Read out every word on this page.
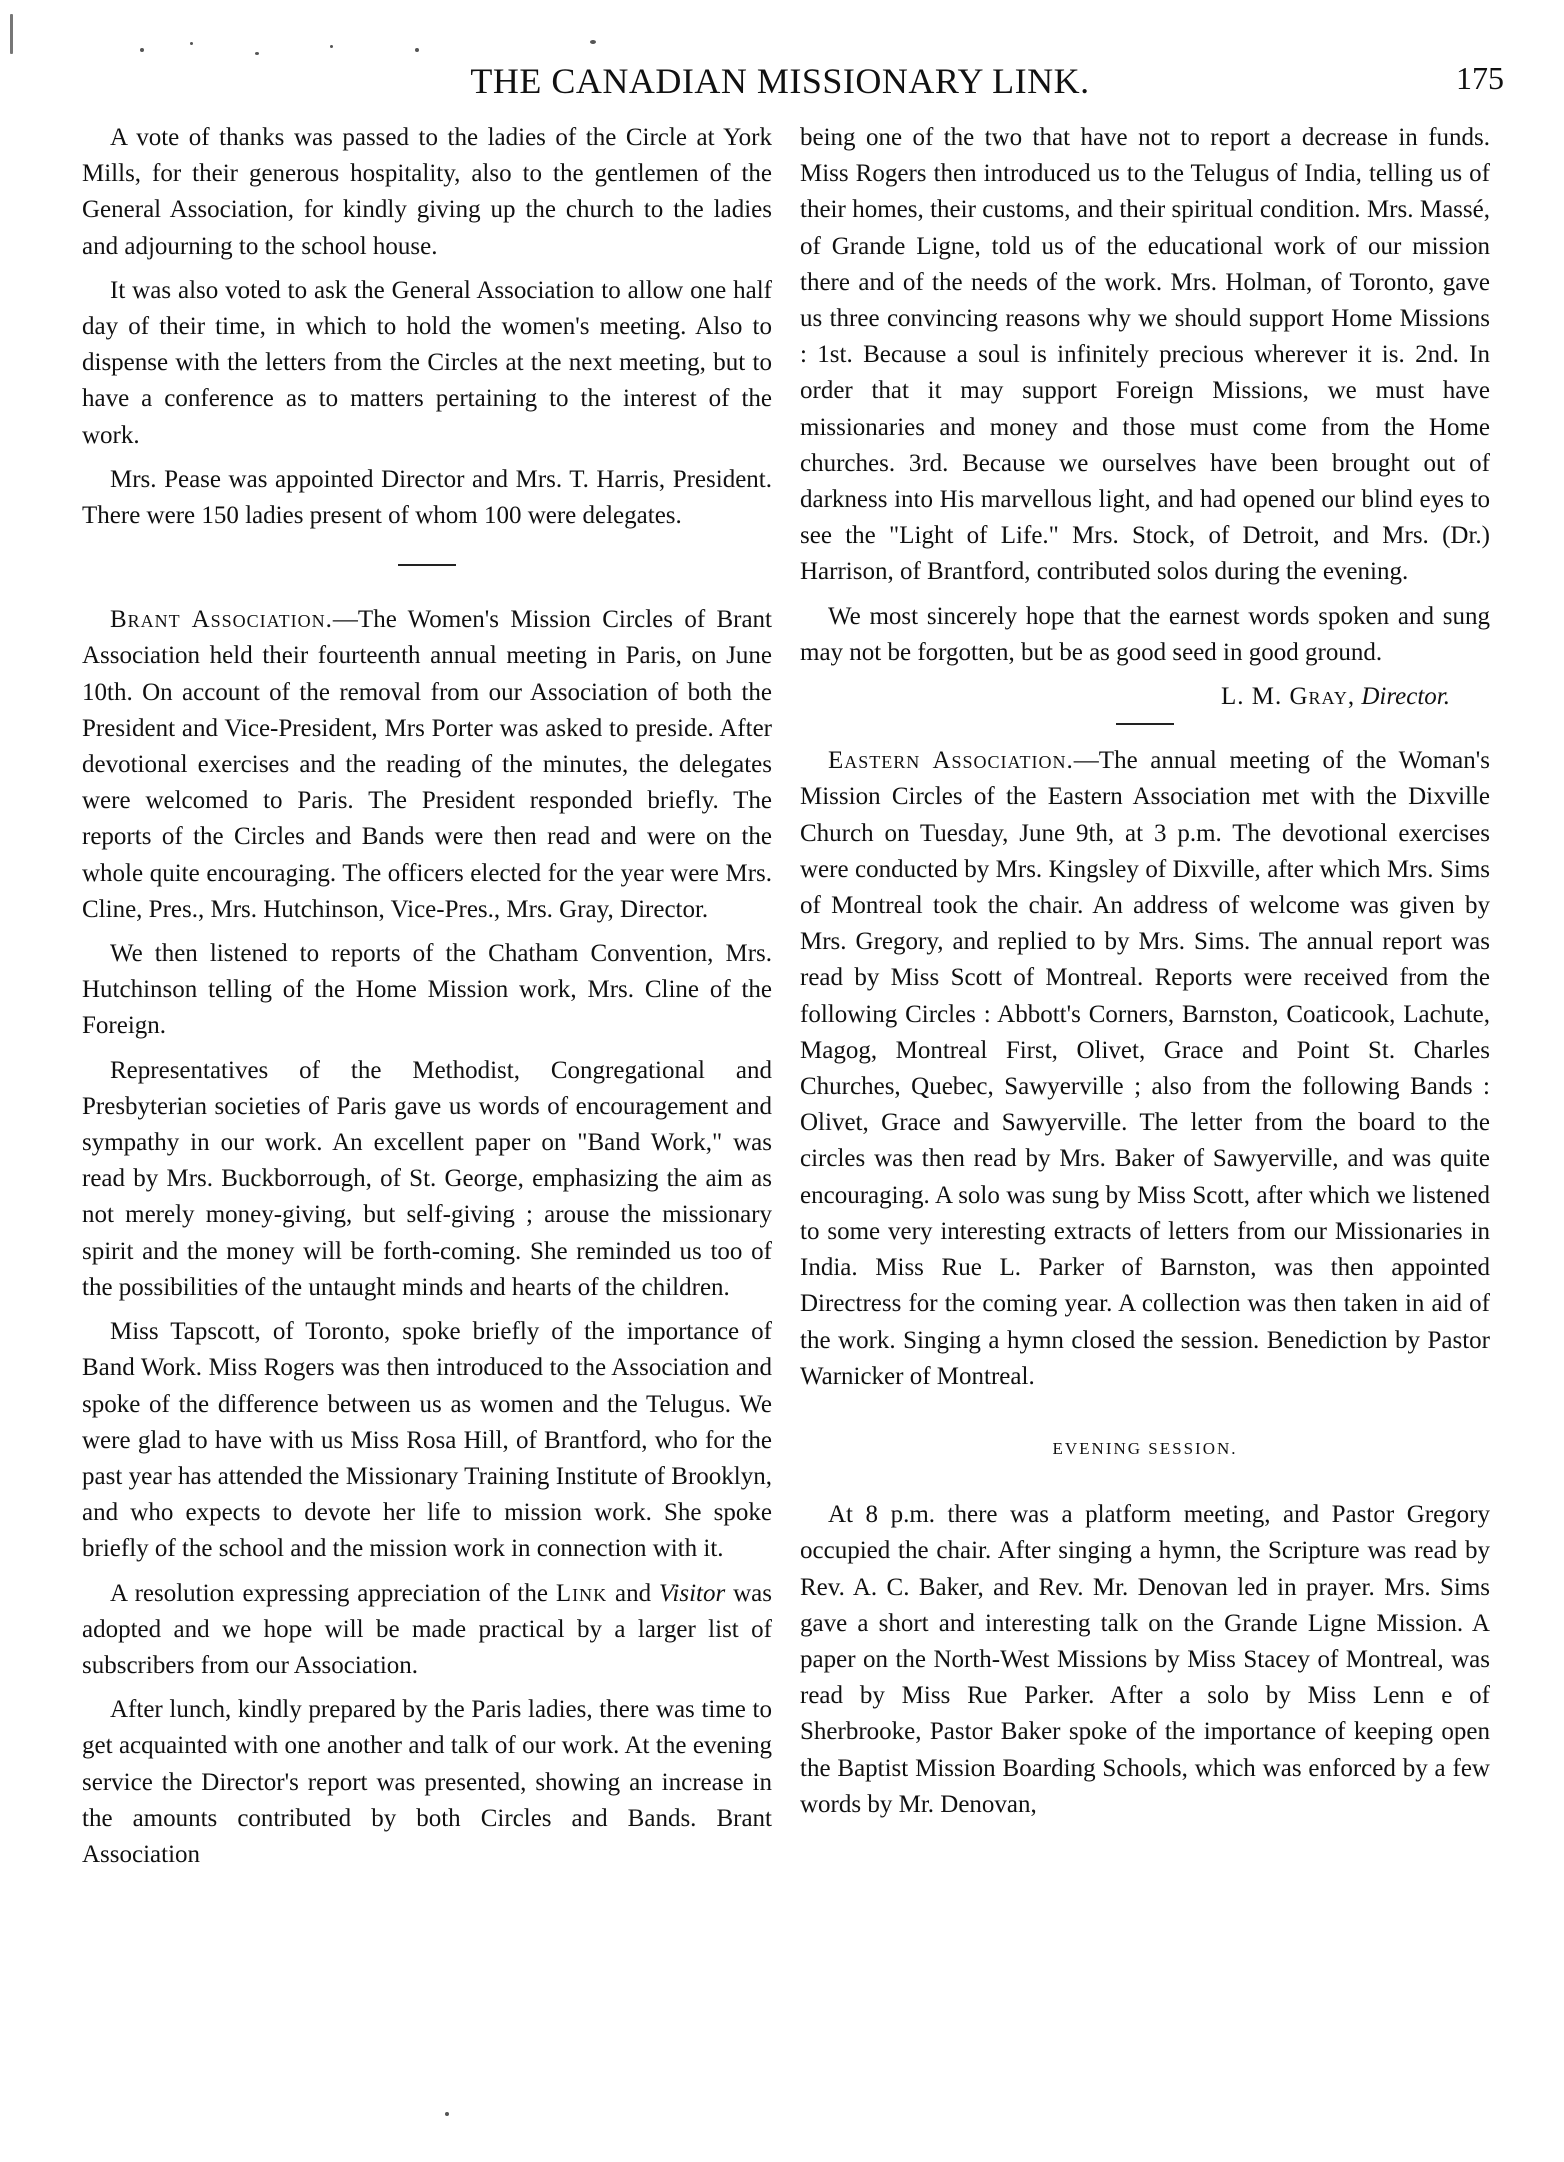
THE CANADIAN MISSIONARY LINK.	175

A vote of thanks was passed to the ladies of the Circle at York Mills, for their generous hospitality, also to the gentlemen of the General Association, for kindly giving up the church to the ladies and adjourning to the school house.

It was also voted to ask the General Association to allow one half day of their time, in which to hold the women's meeting. Also to dispense with the letters from the Circles at the next meeting, but to have a conference as to matters pertaining to the interest of the work.

Mrs. Pease was appointed Director and Mrs. T. Harris, President. There were 150 ladies present of whom 100 were delegates.

Brant Association.—The Women's Mission Circles of Brant Association held their fourteenth annual meeting in Paris, on June 10th. On account of the removal from our Association of both the President and Vice-President, Mrs Porter was asked to preside. After devotional exercises and the reading of the minutes, the delegates were welcomed to Paris. The President responded briefly. The reports of the Circles and Bands were then read and were on the whole quite encouraging. The officers elected for the year were Mrs. Cline, Pres., Mrs. Hutchinson, Vice-Pres., Mrs. Gray, Director.

We then listened to reports of the Chatham Convention, Mrs. Hutchinson telling of the Home Mission work, Mrs. Cline of the Foreign.

Representatives of the Methodist, Congregational and Presbyterian societies of Paris gave us words of encouragement and sympathy in our work. An excellent paper on "Band Work," was read by Mrs. Buckborrough, of St. George, emphasizing the aim as not merely money-giving, but self-giving ; arouse the missionary spirit and the money will be forth-coming. She reminded us too of the possibilities of the untaught minds and hearts of the children.

Miss Tapscott, of Toronto, spoke briefly of the importance of Band Work. Miss Rogers was then introduced to the Association and spoke of the difference between us as women and the Telugus. We were glad to have with us Miss Rosa Hill, of Brantford, who for the past year has attended the Missionary Training Institute of Brooklyn, and who expects to devote her life to mission work. She spoke briefly of the school and the mission work in connection with it.

A resolution expressing appreciation of the Link and Visitor was adopted and we hope will be made practical by a larger list of subscribers from our Association.

After lunch, kindly prepared by the Paris ladies, there was time to get acquainted with one another and talk of our work. At the evening service the Director's report was presented, showing an increase in the amounts contributed by both Circles and Bands. Brant Association

being one of the two that have not to report a decrease in funds. Miss Rogers then introduced us to the Telugus of India, telling us of their homes, their customs, and their spiritual condition. Mrs. Massé, of Grande Ligne, told us of the educational work of our mission there and of the needs of the work. Mrs. Holman, of Toronto, gave us three convincing reasons why we should support Home Missions : 1st. Because a soul is infinitely precious wherever it is. 2nd. In order that it may support Foreign Missions, we must have missionaries and money and those must come from the Home churches. 3rd. Because we ourselves have been brought out of darkness into His marvellous light, and had opened our blind eyes to see the "Light of Life." Mrs. Stock, of Detroit, and Mrs. (Dr.) Harrison, of Brantford, contributed solos during the evening.

We most sincerely hope that the earnest words spoken and sung may not be forgotten, but be as good seed in good ground.

L. M. Gray, Director.

Eastern Association.—The annual meeting of the Woman's Mission Circles of the Eastern Association met with the Dixville Church on Tuesday, June 9th, at 3 p.m. The devotional exercises were conducted by Mrs. Kingsley of Dixville, after which Mrs. Sims of Montreal took the chair. An address of welcome was given by Mrs. Gregory, and replied to by Mrs. Sims. The annual report was read by Miss Scott of Montreal. Reports were received from the following Circles : Abbott's Corners, Barnston, Coaticook, Lachute, Magog, Montreal First, Olivet, Grace and Point St. Charles Churches, Quebec, Sawyerville ; also from the following Bands : Olivet, Grace and Sawyerville. The letter from the board to the circles was then read by Mrs. Baker of Sawyerville, and was quite encouraging. A solo was sung by Miss Scott, after which we listened to some very interesting extracts of letters from our Missionaries in India. Miss Rue L. Parker of Barnston, was then appointed Directress for the coming year. A collection was then taken in aid of the work. Singing a hymn closed the session. Benediction by Pastor Warnicker of Montreal.

EVENING SESSION.

At 8 p.m. there was a platform meeting, and Pastor Gregory occupied the chair. After singing a hymn, the Scripture was read by Rev. A. C. Baker, and Rev. Mr. Denovan led in prayer. Mrs. Sims gave a short and interesting talk on the Grande Ligne Mission. A paper on the North-West Missions by Miss Stacey of Montreal, was read by Miss Rue Parker. After a solo by Miss Lenn e of Sherbrooke, Pastor Baker spoke of the importance of keeping open the Baptist Mission Boarding Schools, which was enforced by a few words by Mr. Denovan,
